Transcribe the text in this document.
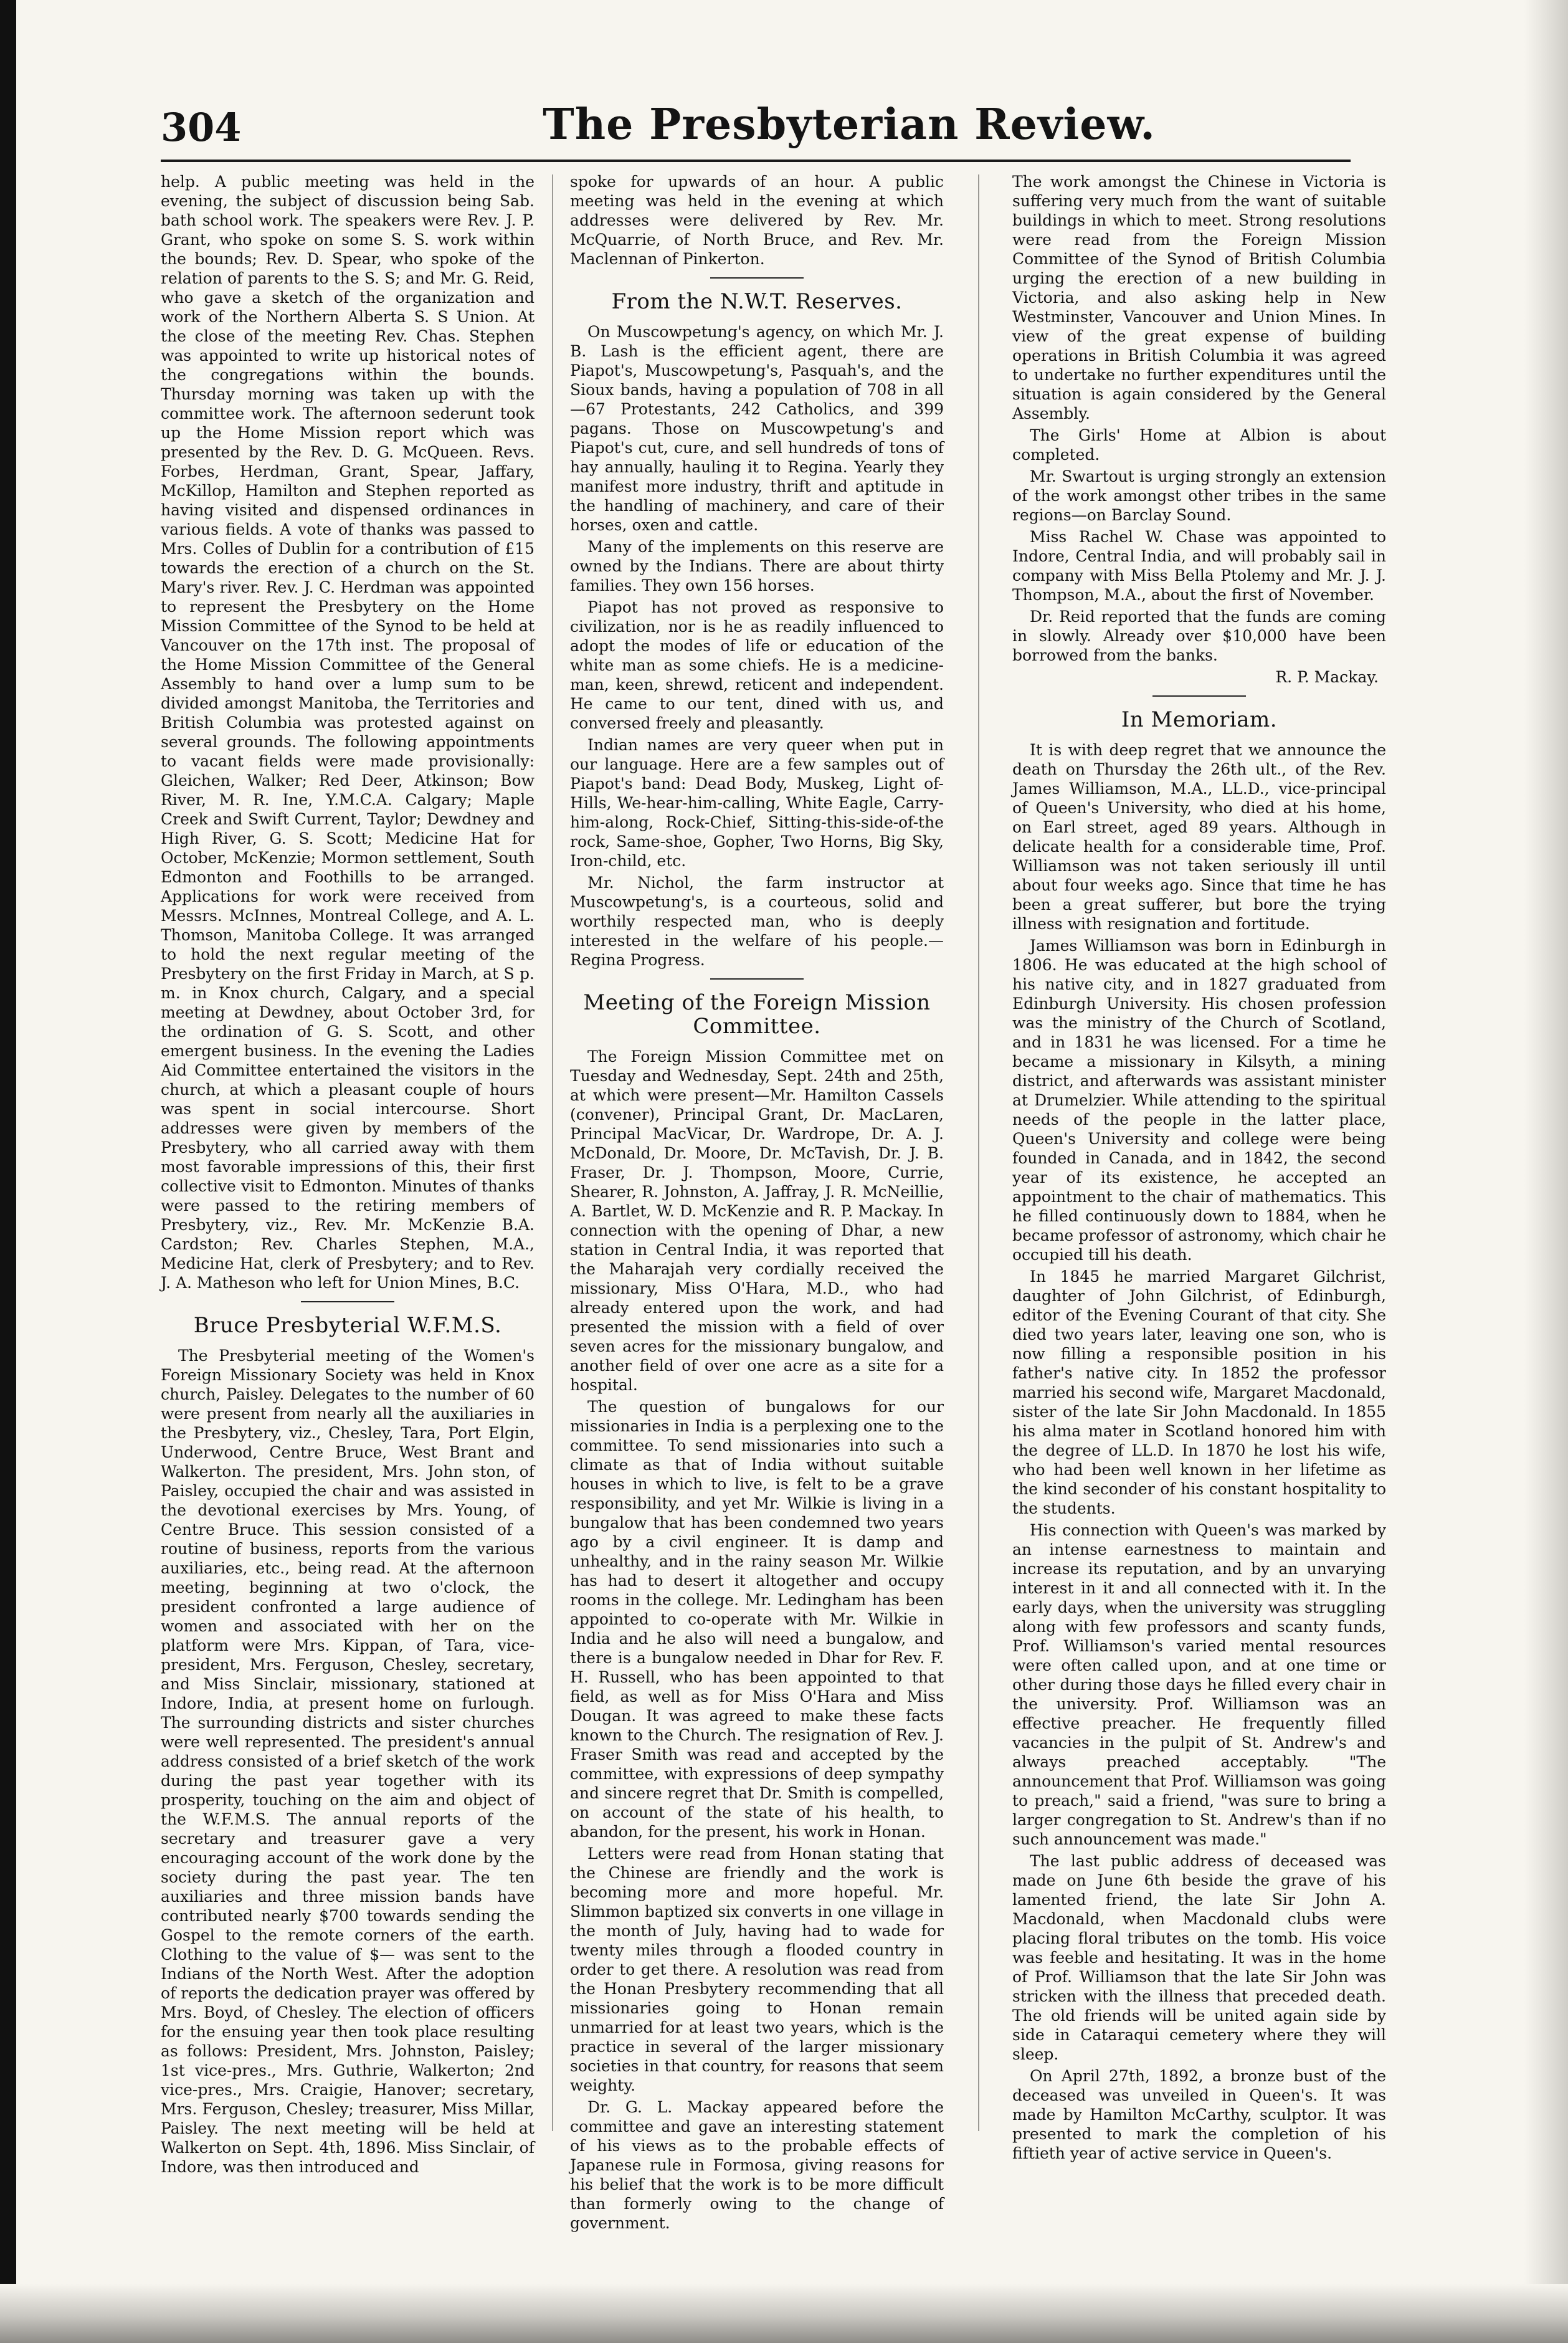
304	The Presbyterian Review.

help. A public meeting was held in the evening, the subject of discussion being Sab. bath school work. The speakers were Rev. J. P. Grant, who spoke on some S. S. work within the bounds; Rev. D. Spear, who spoke of the relation of parents to the S. S; and Mr. G. Reid, who gave a sketch of the organization and work of the Northern Alberta S. S Union. At the close of the meeting Rev. Chas. Stephen was appointed to write up historical notes of the congregations within the bounds. Thursday morning was taken up with the committee work. The afternoon sederunt took up the Home Mission report which was presented by the Rev. D. G. McQueen. Revs. Forbes, Herdman, Grant, Spear, Jaffary, McKillop, Hamilton and Stephen reported as having visited and dispensed ordinances in various fields. A vote of thanks was passed to Mrs. Colles of Dublin for a contribution of £15 towards the erection of a church on the St. Mary's river. Rev. J. C. Herdman was appointed to represent the Presbytery on the Home Mission Committee of the Synod to be held at Vancouver on the 17th inst. The proposal of the Home Mission Committee of the General Assembly to hand over a lump sum to be divided amongst Manitoba, the Territories and British Columbia was protested against on several grounds. The following appointments to vacant fields were made provisionally: Gleichen, Walker; Red Deer, Atkinson; Bow River, M. R. Ine, Y.M.C.A. Calgary; Maple Creek and Swift Current, Taylor; Dewdney and High River, G. S. Scott; Medicine Hat for October, McKenzie; Mormon settlement, South Edmonton and Foothills to be arranged. Applications for work were received from Messrs. McInnes, Montreal College, and A. L. Thomson, Manitoba College. It was arranged to hold the next regular meeting of the Presbytery on the first Friday in March, at S p. m. in Knox church, Calgary, and a special meeting at Dewdney, about October 3rd, for the ordination of G. S. Scott, and other emergent business. In the evening the Ladies Aid Committee entertained the visitors in the church, at which a pleasant couple of hours was spent in social intercourse. Short addresses were given by members of the Presbytery, who all carried away with them most favorable impressions of this, their first collective visit to Edmonton. Minutes of thanks were passed to the retiring members of Presbytery, viz., Rev. Mr. McKenzie B.A. Cardston; Rev. Charles Stephen, M.A., Medicine Hat, clerk of Presbytery; and to Rev. J. A. Matheson who left for Union Mines, B.C.

Bruce Presbyterial W.F.M.S.

The Presbyterial meeting of the Women's Foreign Missionary Society was held in Knox church, Paisley. Delegates to the number of 60 were present from nearly all the auxiliaries in the Presbytery, viz., Chesley, Tara, Port Elgin, Underwood, Centre Bruce, West Brant and Walkerton. The president, Mrs. John ston, of Paisley, occupied the chair and was assisted in the devotional exercises by Mrs. Young, of Centre Bruce. This session consisted of a routine of business, reports from the various auxiliaries, etc., being read. At the afternoon meeting, beginning at two o'clock, the president confronted a large audience of women and associated with her on the platform were Mrs. Kippan, of Tara, vice-president, Mrs. Ferguson, Chesley, secretary, and Miss Sinclair, missionary, stationed at Indore, India, at present home on furlough. The surrounding districts and sister churches were well represented. The president's annual address consisted of a brief sketch of the work during the past year together with its prosperity, touching on the aim and object of the W.F.M.S. The annual reports of the secretary and treasurer gave a very encouraging account of the work done by the society during the past year. The ten auxiliaries and three mission bands have contributed nearly $700 towards sending the Gospel to the remote corners of the earth. Clothing to the value of $— was sent to the Indians of the North West. After the adoption of reports the dedication prayer was offered by Mrs. Boyd, of Chesley. The election of officers for the ensuing year then took place resulting as follows: President, Mrs. Johnston, Paisley; 1st vice-pres., Mrs. Guthrie, Walkerton; 2nd vice-pres., Mrs. Craigie, Hanover; secretary, Mrs. Ferguson, Chesley; treasurer, Miss Millar, Paisley. The next meeting will be held at Walkerton on Sept. 4th, 1896. Miss Sinclair, of Indore, was then introduced and

spoke for upwards of an hour. A public meeting was held in the evening at which addresses were delivered by Rev. Mr. McQuarrie, of North Bruce, and Rev. Mr. Maclennan of Pinkerton.

From the N.W.T. Reserves.

On Muscowpetung's agency, on which Mr. J. B. Lash is the efficient agent, there are Piapot's, Muscowpetung's, Pasquah's, and the Sioux bands, having a population of 708 in all—67 Protestants, 242 Catholics, and 399 pagans. Those on Muscowpetung's and Piapot's cut, cure, and sell hundreds of tons of hay annually, hauling it to Regina. Yearly they manifest more industry, thrift and aptitude in the handling of machinery, and care of their horses, oxen and cattle.

Many of the implements on this reserve are owned by the Indians. There are about thirty families. They own 156 horses.

Piapot has not proved as responsive to civilization, nor is he as readily influenced to adopt the modes of life or education of the white man as some chiefs. He is a medicine-man, keen, shrewd, reticent and independent. He came to our tent, dined with us, and conversed freely and pleasantly.

Indian names are very queer when put in our language. Here are a few samples out of Piapot's band: Dead Body, Muskeg, Light of-Hills, We-hear-him-calling, White Eagle, Carry-him-along, Rock-Chief, Sitting-this-side-of-the rock, Same-shoe, Gopher, Two Horns, Big Sky, Iron-child, etc.

Mr. Nichol, the farm instructor at Muscowpetung's, is a courteous, solid and worthily respected man, who is deeply interested in the welfare of his people.—Regina Progress.

Meeting of the Foreign Mission Committee.

The Foreign Mission Committee met on Tuesday and Wednesday, Sept. 24th and 25th, at which were present—Mr. Hamilton Cassels (convener), Principal Grant, Dr. MacLaren, Principal MacVicar, Dr. Wardrope, Dr. A. J. McDonald, Dr. Moore, Dr. McTavish, Dr. J. B. Fraser, Dr. J. Thompson, Moore, Currie, Shearer, R. Johnston, A. Jaffray, J. R. McNeillie, A. Bartlet, W. D. McKenzie and R. P. Mackay. In connection with the opening of Dhar, a new station in Central India, it was reported that the Maharajah very cordially received the missionary, Miss O'Hara, M.D., who had already entered upon the work, and had presented the mission with a field of over seven acres for the missionary bungalow, and another field of over one acre as a site for a hospital.

The question of bungalows for our missionaries in India is a perplexing one to the committee. To send missionaries into such a climate as that of India without suitable houses in which to live, is felt to be a grave responsibility, and yet Mr. Wilkie is living in a bungalow that has been condemned two years ago by a civil engineer. It is damp and unhealthy, and in the rainy season Mr. Wilkie has had to desert it altogether and occupy rooms in the college. Mr. Ledingham has been appointed to co-operate with Mr. Wilkie in India and he also will need a bungalow, and there is a bungalow needed in Dhar for Rev. F. H. Russell, who has been appointed to that field, as well as for Miss O'Hara and Miss Dougan. It was agreed to make these facts known to the Church. The resignation of Rev. J. Fraser Smith was read and accepted by the committee, with expressions of deep sympathy and sincere regret that Dr. Smith is compelled, on account of the state of his health, to abandon, for the present, his work in Honan.

Letters were read from Honan stating that the Chinese are friendly and the work is becoming more and more hopeful. Mr. Slimmon baptized six converts in one village in the month of July, having had to wade for twenty miles through a flooded country in order to get there. A resolution was read from the Honan Presbytery recommending that all missionaries going to Honan remain unmarried for at least two years, which is the practice in several of the larger missionary societies in that country, for reasons that seem weighty.

Dr. G. L. Mackay appeared before the committee and gave an interesting statement of his views as to the probable effects of Japanese rule in Formosa, giving reasons for his belief that the work is to be more difficult than formerly owing to the change of government.

The work amongst the Chinese in Victoria is suffering very much from the want of suitable buildings in which to meet. Strong resolutions were read from the Foreign Mission Committee of the Synod of British Columbia urging the erection of a new building in Victoria, and also asking help in New Westminster, Vancouver and Union Mines. In view of the great expense of building operations in British Columbia it was agreed to undertake no further expenditures until the situation is again considered by the General Assembly.

The Girls' Home at Albion is about completed.

Mr. Swartout is urging strongly an extension of the work amongst other tribes in the same regions—on Barclay Sound.

Miss Rachel W. Chase was appointed to Indore, Central India, and will probably sail in company with Miss Bella Ptolemy and Mr. J. J. Thompson, M.A., about the first of November.

Dr. Reid reported that the funds are coming in slowly. Already over $10,000 have been borrowed from the banks.

R. P. Mackay.
In Memoriam.

It is with deep regret that we announce the death on Thursday the 26th ult., of the Rev. James Williamson, M.A., LL.D., vice-principal of Queen's University, who died at his home, on Earl street, aged 89 years. Although in delicate health for a considerable time, Prof. Williamson was not taken seriously ill until about four weeks ago. Since that time he has been a great sufferer, but bore the trying illness with resignation and fortitude.

James Williamson was born in Edinburgh in 1806. He was educated at the high school of his native city, and in 1827 graduated from Edinburgh University. His chosen profession was the ministry of the Church of Scotland, and in 1831 he was licensed. For a time he became a missionary in Kilsyth, a mining district, and afterwards was assistant minister at Drumelzier. While attending to the spiritual needs of the people in the latter place, Queen's University and college were being founded in Canada, and in 1842, the second year of its existence, he accepted an appointment to the chair of mathematics. This he filled continuously down to 1884, when he became professor of astronomy, which chair he occupied till his death.

In 1845 he married Margaret Gilchrist, daughter of John Gilchrist, of Edinburgh, editor of the Evening Courant of that city. She died two years later, leaving one son, who is now filling a responsible position in his father's native city. In 1852 the professor married his second wife, Margaret Macdonald, sister of the late Sir John Macdonald. In 1855 his alma mater in Scotland honored him with the degree of LL.D. In 1870 he lost his wife, who had been well known in her lifetime as the kind seconder of his constant hospitality to the students.

His connection with Queen's was marked by an intense earnestness to maintain and increase its reputation, and by an unvarying interest in it and all connected with it. In the early days, when the university was struggling along with few professors and scanty funds, Prof. Williamson's varied mental resources were often called upon, and at one time or other during those days he filled every chair in the university. Prof. Williamson was an effective preacher. He frequently filled vacancies in the pulpit of St. Andrew's and always preached acceptably. "The announcement that Prof. Williamson was going to preach," said a friend, "was sure to bring a larger congregation to St. Andrew's than if no such announcement was made."

The last public address of deceased was made on June 6th beside the grave of his lamented friend, the late Sir John A. Macdonald, when Macdonald clubs were placing floral tributes on the tomb. His voice was feeble and hesitating. It was in the home of Prof. Williamson that the late Sir John was stricken with the illness that preceded death. The old friends will be united again side by side in Cataraqui cemetery where they will sleep.

On April 27th, 1892, a bronze bust of the deceased was unveiled in Queen's. It was made by Hamilton McCarthy, sculptor. It was presented to mark the completion of his fiftieth year of active service in Queen's.
